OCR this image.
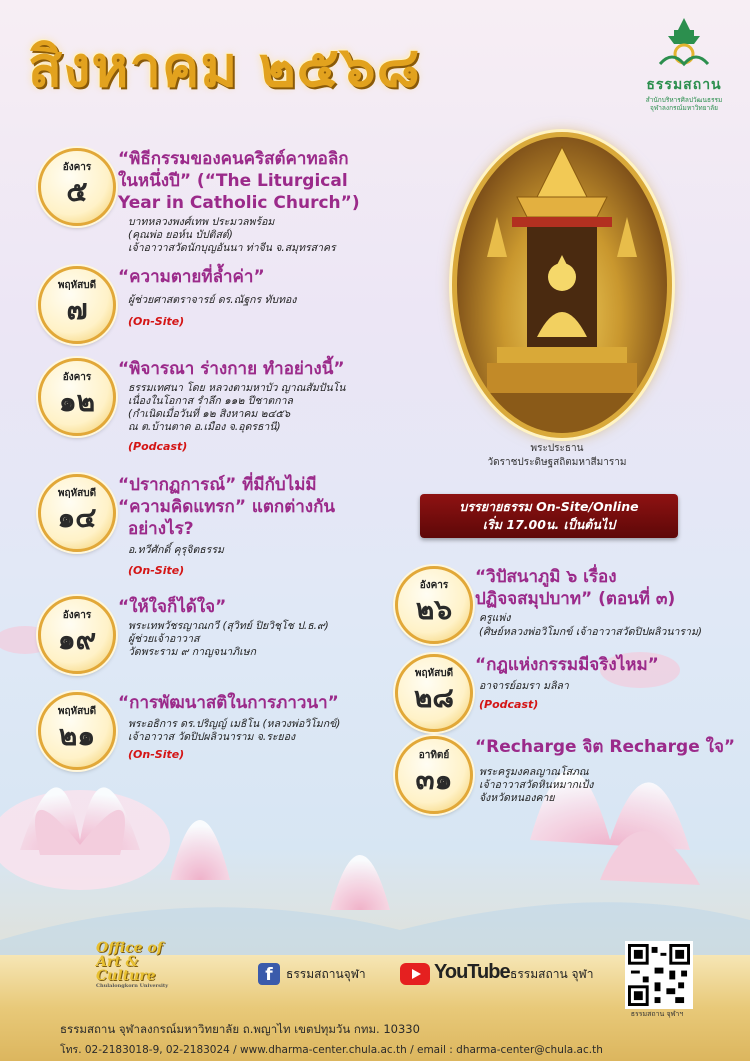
สิงหาคม ๒๕๖๘	ธรรมสถาน
สำนักบริหารศิลปวัฒนธรรม
จุฬาลงกรณ์มหาวิทยาลัย
อังคาร
๕
“พิธีกรรมของคนคริสต์คาทอลิก
ในหนึ่งปี” (“The Liturgical
Year in Catholic Church”)
บาทหลวงพงศ์เทพ ประมวลพร้อม
(คุณพ่อ ยอห์น บัปติสต์)
เจ้าอาวาสวัดนักบุญอันนา ท่าจีน จ.สมุทรสาคร
พฤหัสบดี
๗
“ความตายที่ล้ำค่า”
ผู้ช่วยศาสตราจารย์ ดร.ณัฐกร ทับทอง
(On-Site)
อังคาร
๑๒
“พิจารณา ร่างกาย ทำอย่างนี้”
ธรรมเทศนา โดย หลวงตามหาบัว ญาณสัมปันโน
เนื่องในโอกาส รำลึก ๑๑๒ ปีชาตกาล
(กำเนิดเมื่อวันที่ ๑๒ สิงหาคม ๒๔๕๖
ณ ต.บ้านตาด อ.เมือง จ.อุดรธานี)
(Podcast)
พฤหัสบดี
๑๔
“ปรากฏการณ์” ที่มีกับไม่มี
“ความคิดแทรก” แตกต่างกัน
อย่างไร?
อ.ทวีศักดิ์ คุรุจิตธรรม
(On-Site)
อังคาร
๑๙
“ให้ใจก็ได้ใจ”
พระเทพวัชรญาณกวี (สุวิทย์ ปิยวิชฺโช ป.ธ.๙)
ผู้ช่วยเจ้าอาวาส
วัดพระราม ๙ กาญจนาภิเษก
พฤหัสบดี
๒๑
“การพัฒนาสติในการภาวนา”
พระอธิการ ดร.ปริญญ์ เมธิโน (หลวงพ่อวิโมกข์)
เจ้าอาวาส วัดปิปผลิวนาราม จ.ระยอง
(On-Site)
พระประธาน
วัดราชประดิษฐสถิตมหาสีมาราม
บรรยายธรรม On-Site/Online
เริ่ม 17.00น. เป็นต้นไป
อังคาร
๒๖
“วิปัสนาภูมิ ๖ เรื่อง
ปฏิจจสมุปบาท” (ตอนที่ ๓)
ครูแพ่ง
(ศิษย์หลวงพ่อวิโมกข์ เจ้าอาวาสวัดปิปผลิวนาราม)
พฤหัสบดี
๒๘
“กฎแห่งกรรมมีจริงไหม”
อาจารย์อมรา มลิลา
(Podcast)
อาทิตย์
๓๑
“Recharge จิต Recharge ใจ”
พระครูมงคลญาณโสภณ
เจ้าอาวาสวัดหินหมากเป้ง
จังหวัดหนองคาย
Office of Art & Culture
Chulalongkorn University
f	ธรรมสถานจุฬา	YouTube ธรรมสถาน จุฬา
ธรรมสถาน จุฬาลงกรณ์มหาวิทยาลัย ถ.พญาไท เขตปทุมวัน กทม. 10330
โทร. 02-2183018-9, 02-2183024 / www.dharma-center.chula.ac.th / email : dharma-center@chula.ac.th
ธรรมสถาน จุฬาฯ
